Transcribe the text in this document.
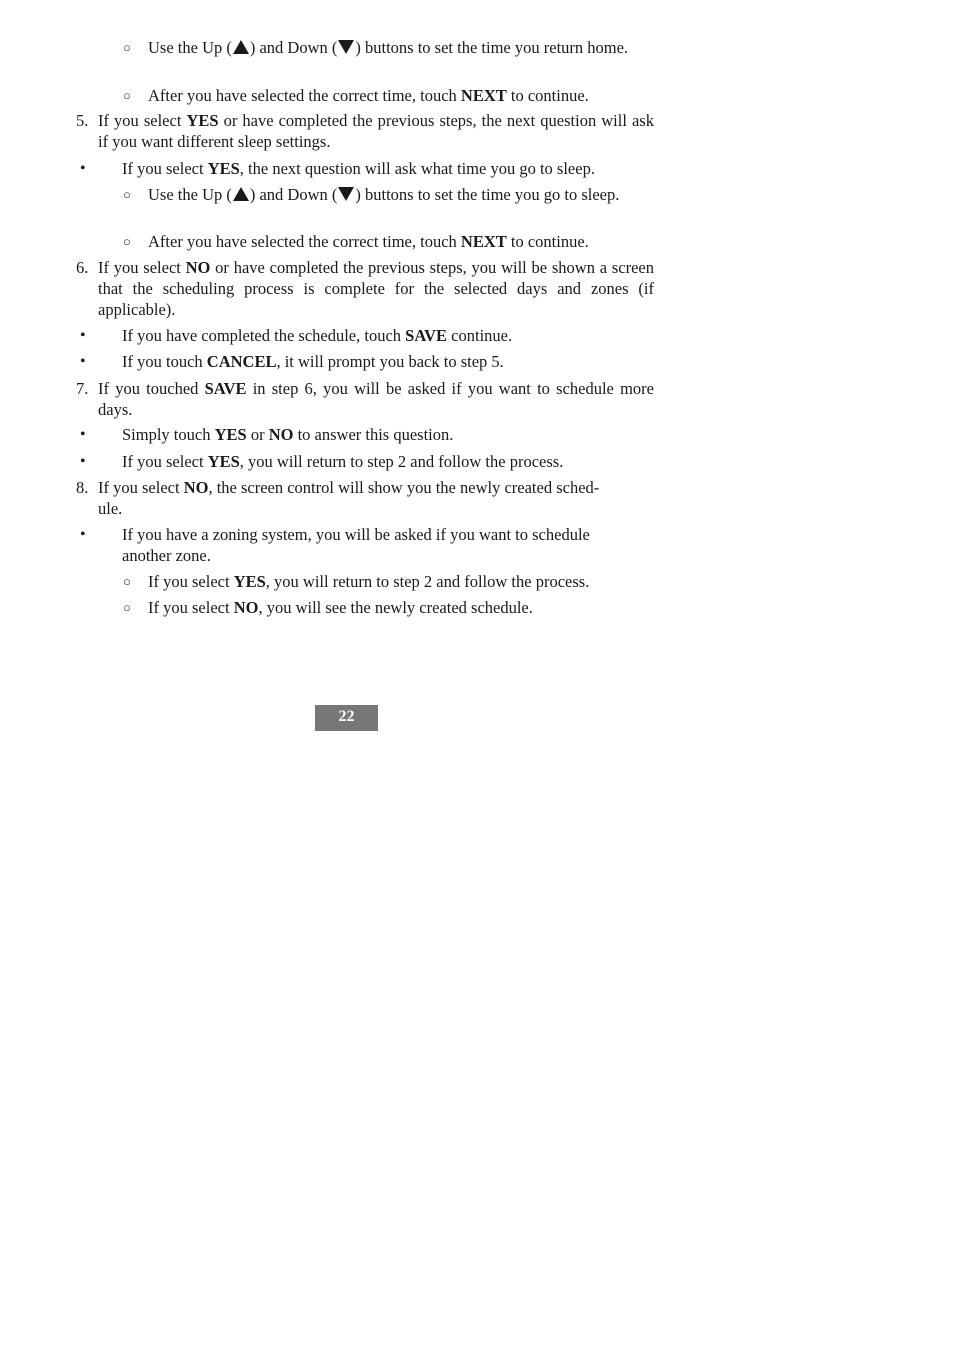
○ Use the Up ( ) and Down ( ) buttons to set the time you return home.
○ After you have selected the correct time, touch NEXT to continue.
5. If you select YES or have completed the previous steps, the next question will ask if you want different sleep settings.
• If you select YES, the next question will ask what time you go to sleep.
○ Use the Up ( ) and Down ( ) buttons to set the time you go to sleep.
○ After you have selected the correct time, touch NEXT to continue.
6. If you select NO or have completed the previous steps, you will be shown a screen that the scheduling process is complete for the selected days and zones (if applicable).
• If you have completed the schedule, touch SAVE continue.
• If you touch CANCEL, it will prompt you back to step 5.
7. If you touched SAVE in step 6, you will be asked if you want to schedule more days.
• Simply touch YES or NO to answer this question.
• If you select YES, you will return to step 2 and follow the process.
8. If you select NO, the screen control will show you the newly created sched-
ule.
• If you have a zoning system, you will be asked if you want to schedule another zone.
○ If you select YES, you will return to step 2 and follow the process.
○ If you select NO, you will see the newly created schedule.
22
